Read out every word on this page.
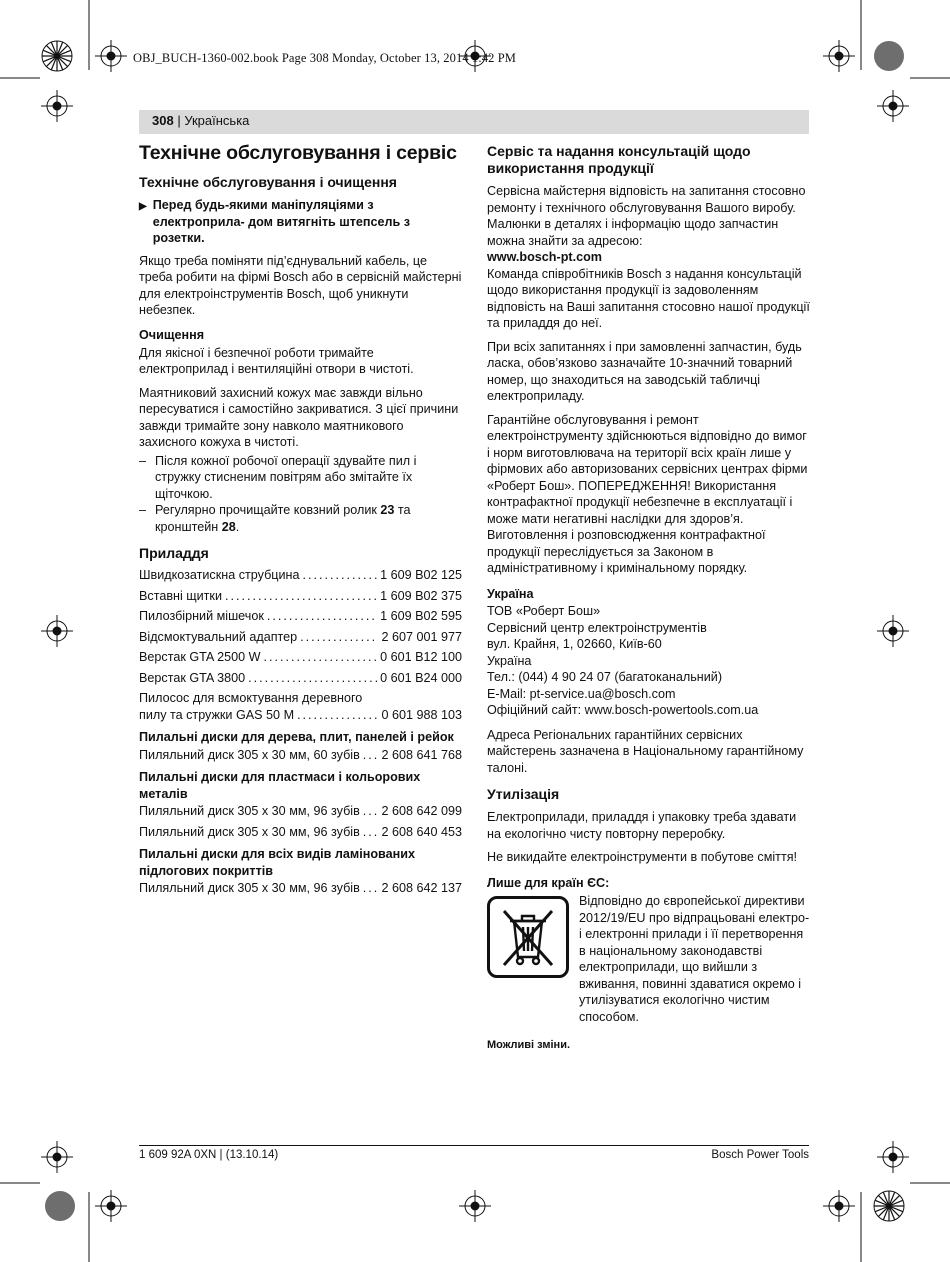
OBJ_BUCH-1360-002.book Page 308 Monday, October 13, 2014 1:42 PM
308 | Українська
Технічне обслуговування і сервіс
Технічне обслуговування і очищення
▶ Перед будь-якими маніпуляціями з електроприла- дом витягніть штепсель з розетки.

Якщо треба поміняти під’єднувальний кабель, це треба робити на фірмі Bosch або в сервісній майстерні для електроінструментів Bosch, щоб уникнути небезпек.

Очищення

Для якісної і безпечної роботи тримайте електроприлад і вентиляційні отвори в чистоті.

Маятниковий захисний кожух має завжди вільно пересуватися і самостійно закриватися. З цієї причини завжди тримайте зону навколо маятникового захисного кожуха в чистоті.

– Після кожної робочої операції здувайте пил і стружку стисненим повітрям або змітайте їх щіточкою.
– Регулярно прочищайте ковзний ролик 23 та кронштейн 28.
Приладдя
Швидкозатискна струбцина .....	1 609 B02 125
Вставні щитки .....	1 609 B02 375
Пилозбірний мішечок .....	1 609 B02 595
Відсмоктувальний адаптер .....	2 607 001 977
Верстак GTA 2500 W .....	0 601 B12 100
Верстак GTA 3800 .....	0 601 B24 000
Пилосос для всмоктування деревного
пилу та стружки GAS 50 M .....	0 601 988 103
Пилальні диски для дерева, плит, панелей і рейок
Пиляльний диск 305 x 30 мм, 60 зубів ..... 2 608 641 768
Пилальні диски для пластмаси і кольорових металів
Пиляльний диск 305 x 30 мм, 96 зубів ..... 2 608 642 099
Пиляльний диск 305 x 30 мм, 96 зубів ..... 2 608 640 453
Пилальні диски для всіх видів ламінованих підлогових покриттів
Пиляльний диск 305 x 30 мм, 96 зубів ..... 2 608 642 137
Сервіс та надання консультацій щодо використання продукції

Сервісна майстерня відповість на запитання стосовно ремонту і технічного обслуговування Вашого виробу. Малюнки в деталях і інформацію щодо запчастин можна знайти за адресою:

www.bosch-pt.com

Команда співробітників Bosch з надання консультацій щодо використання продукції із задоволенням відповість на Ваші запитання стосовно нашої продукції та приладдя до неї.

При всіх запитаннях і при замовленні запчастин, будь ласка, обов’язково зазначайте 10-значний товарний номер, що знаходиться на заводській табличці електроприладу.

Гарантійне обслуговування і ремонт електроінструменту здійснюються відповідно до вимог і норм виготовлювача на території всіх країн лише у фірмових або авторизованих сервісних центрах фірми «Роберт Бош». ПОПЕРЕДЖЕННЯ! Використання контрафактної продукції небезпечне в експлуатації і може мати негативні наслідки для здоров’я. Виготовлення і розповсюдження контрафактної продукції переслідується за Законом в адміністративному і кримінальному порядку.

Україна
ТОВ «Роберт Бош»
Сервісний центр електроінструментів
вул. Крайня, 1, 02660, Київ-60
Україна
Тел.: (044) 4 90 24 07 (багатоканальний)
E-Mail: pt-service.ua@bosch.com
Офіційний сайт: www.bosch-powertools.com.ua

Адреса Регіональних гарантійних сервісних майстерень зазначена в Національному гарантійному талоні.

Утилізація

Електроприлади, приладдя і упаковку треба здавати на екологічно чисту повторну переробку.

Не викидайте електроінструменти в побутове сміття!

Лише для країн ЄС:
Відповідно до європейської директиви 2012/19/EU про відпрацьовані електро- і електронні прилади і її перетворення в національному законодавстві електроприлади, що вийшли з вживання, повинні здаватися окремо і утилізуватися екологічно чистим способом.
Можливі зміни.
1 609 92A 0XN | (13.10.14)	Bosch Power Tools
